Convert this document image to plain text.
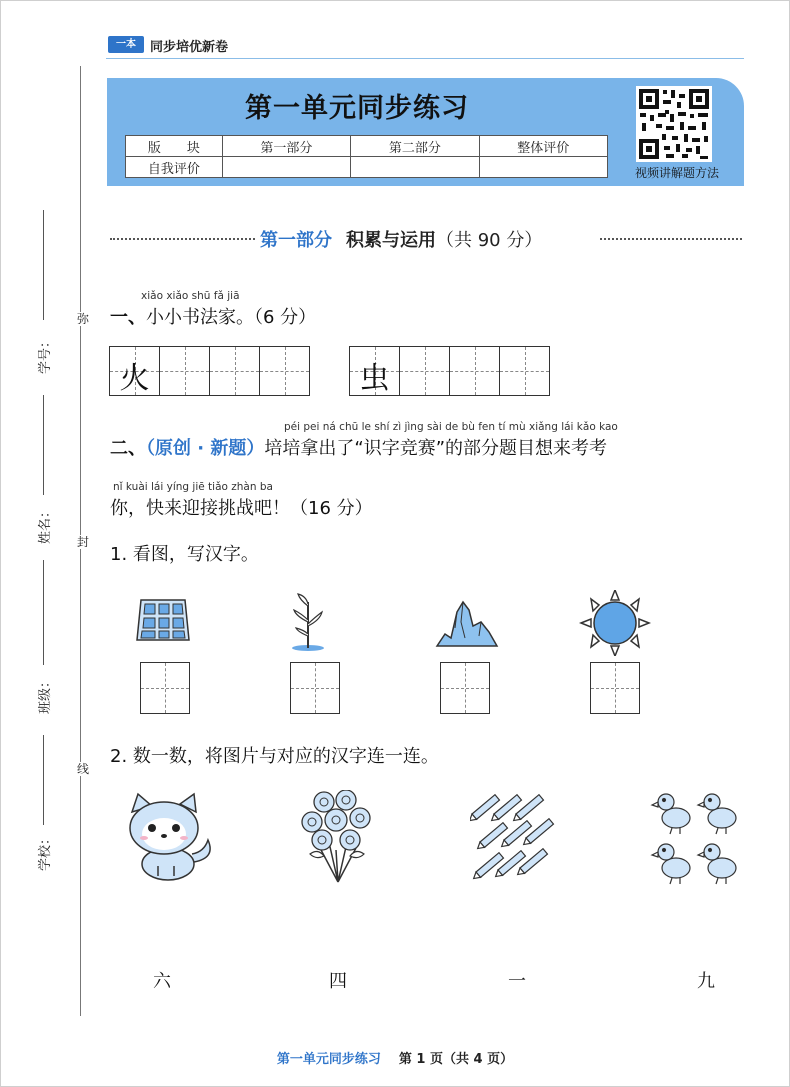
一本	同步培优新卷
第一单元同步练习
版　　块	第一部分	第二部分	整体评价
自我评价				视频讲解题方法
第一部分 积累与运用（共 90 分）
xiǎo xiǎo shū fǎ jiā
一、小小书法家。（6 分）
火	虫
péi pei ná chū le shí zì jìng sài de bù fen tí mù xiǎng lái kǎo kao
二、（原创 · 新题）培培拿出了“识字竞赛”的部分题目想来考考
nǐ kuài lái yíng jiē tiǎo zhàn ba
你，快来迎接挑战吧！（16 分）
1. 看图，写汉字。
2. 数一数，将图片与对应的汉字连一连。
六	四	一	九
学号：
姓名：
班级：
学校：
弥
封
线
第一单元同步练习 第 1 页（共 4 页）
